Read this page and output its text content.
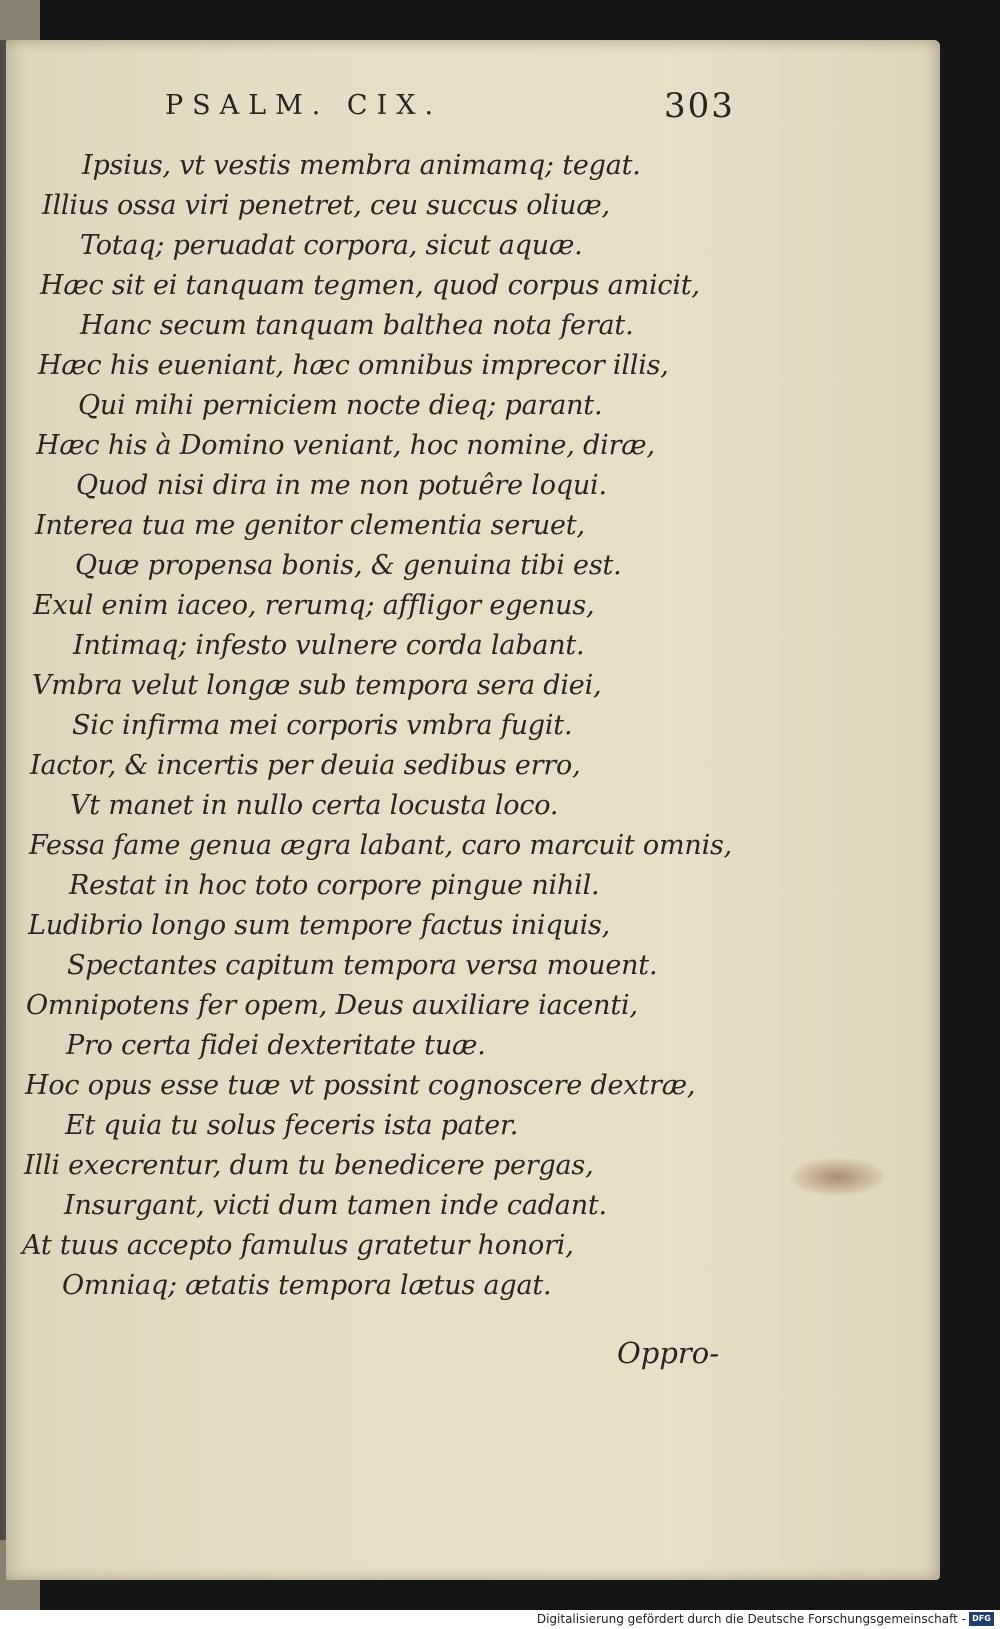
PSALM. CIX.	303
Ipsius, vt vestis membra animamq; tegat.
Illius ossa viri penetret, ceu succus oliuæ,
Totaq; peruadat corpora, sicut aquæ.
Hæc sit ei tanquam tegmen, quod corpus amicit,
Hanc secum tanquam balthea nota ferat.
Hæc his eueniant, hæc omnibus imprecor illis,
Qui mihi perniciem nocte dieq; parant.
Hæc his à Domino veniant, hoc nomine, diræ,
Quod nisi dira in me non potuêre loqui.
Interea tua me genitor clementia seruet,
Quæ propensa bonis, & genuina tibi est.
Exul enim iaceo, rerumq; affligor egenus,
Intimaq; infesto vulnere corda labant.
Vmbra velut longæ sub tempora sera diei,
Sic infirma mei corporis vmbra fugit.
Iactor, & incertis per deuia sedibus erro,
Vt manet in nullo certa locusta loco.
Fessa fame genua ægra labant, caro marcuit omnis,
Restat in hoc toto corpore pingue nihil.
Ludibrio longo sum tempore factus iniquis,
Spectantes capitum tempora versa mouent.
Omnipotens fer opem, Deus auxiliare iacenti,
Pro certa fidei dexteritate tuæ.
Hoc opus esse tuæ vt possint cognoscere dextræ,
Et quia tu solus feceris ista pater.
Illi execrentur, dum tu benedicere pergas,
Insurgant, victi dum tamen inde cadant.
At tuus accepto famulus gratetur honori,
Omniaq; ætatis tempora lætus agat.
Oppro-
Digitalisierung gefördert durch die Deutsche Forschungsgemeinschaft - DFG
